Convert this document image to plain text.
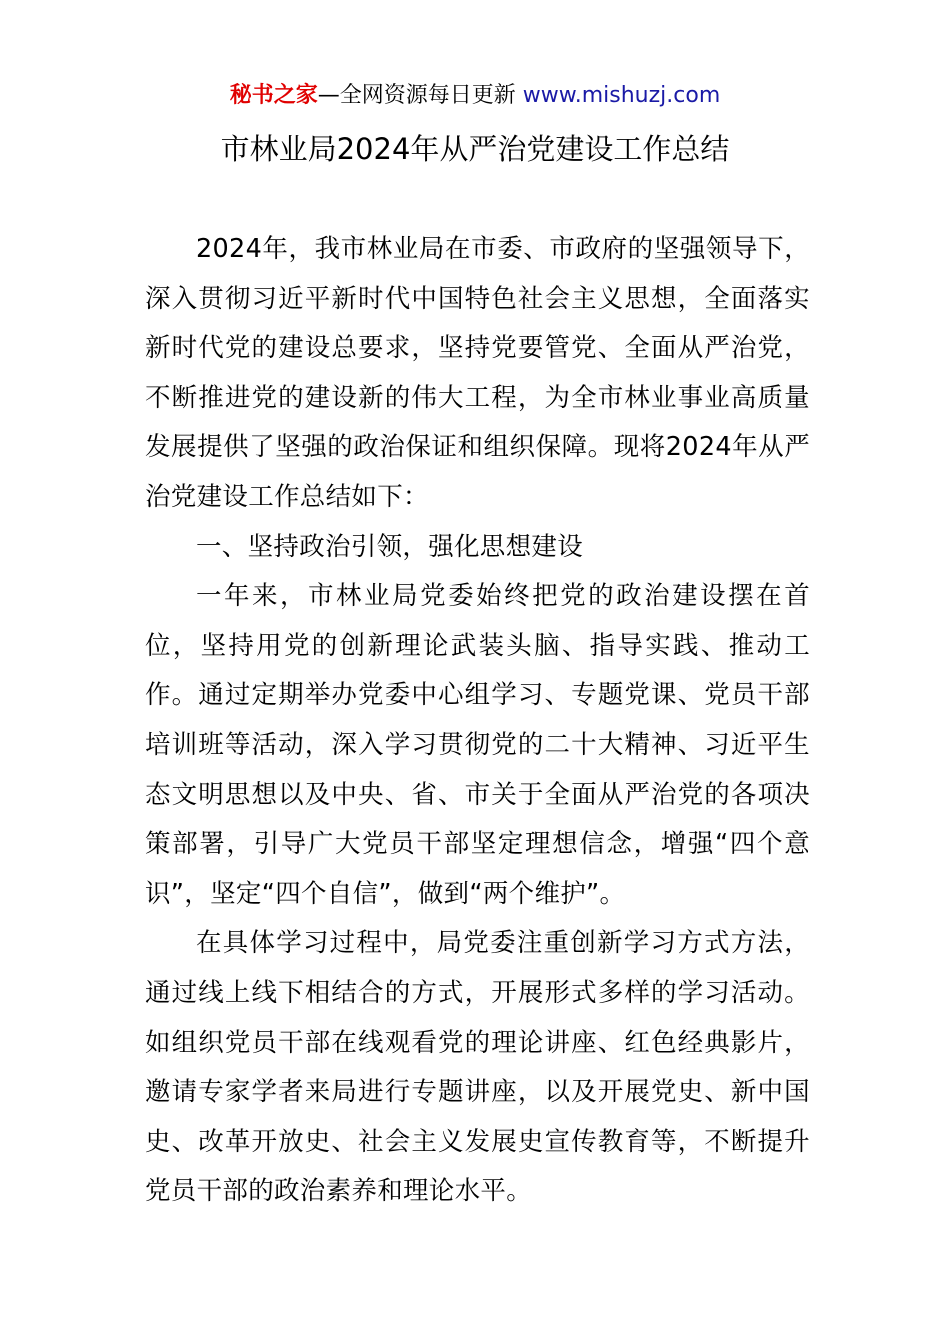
秘书之家—全网资源每日更新 www.mishuzj.com
市林业局2024年从严治党建设工作总结

2024年，我市林业局在市委、市政府的坚强领导下，深入贯彻习近平新时代中国特色社会主义思想，全面落实新时代党的建设总要求，坚持党要管党、全面从严治党，不断推进党的建设新的伟大工程，为全市林业事业高质量发展提供了坚强的政治保证和组织保障。现将2024年从严治党建设工作总结如下：

一、坚持政治引领，强化思想建设

一年来，市林业局党委始终把党的政治建设摆在首位，坚持用党的创新理论武装头脑、指导实践、推动工作。通过定期举办党委中心组学习、专题党课、党员干部培训班等活动，深入学习贯彻党的二十大精神、习近平生态文明思想以及中央、省、市关于全面从严治党的各项决策部署，引导广大党员干部坚定理想信念，增强“四个意识”，坚定“四个自信”，做到“两个维护”。

在具体学习过程中，局党委注重创新学习方式方法，通过线上线下相结合的方式，开展形式多样的学习活动。如组织党员干部在线观看党的理论讲座、红色经典影片，邀请专家学者来局进行专题讲座，以及开展党史、新中国史、改革开放史、社会主义发展史宣传教育等，不断提升党员干部的政治素养和理论水平。
